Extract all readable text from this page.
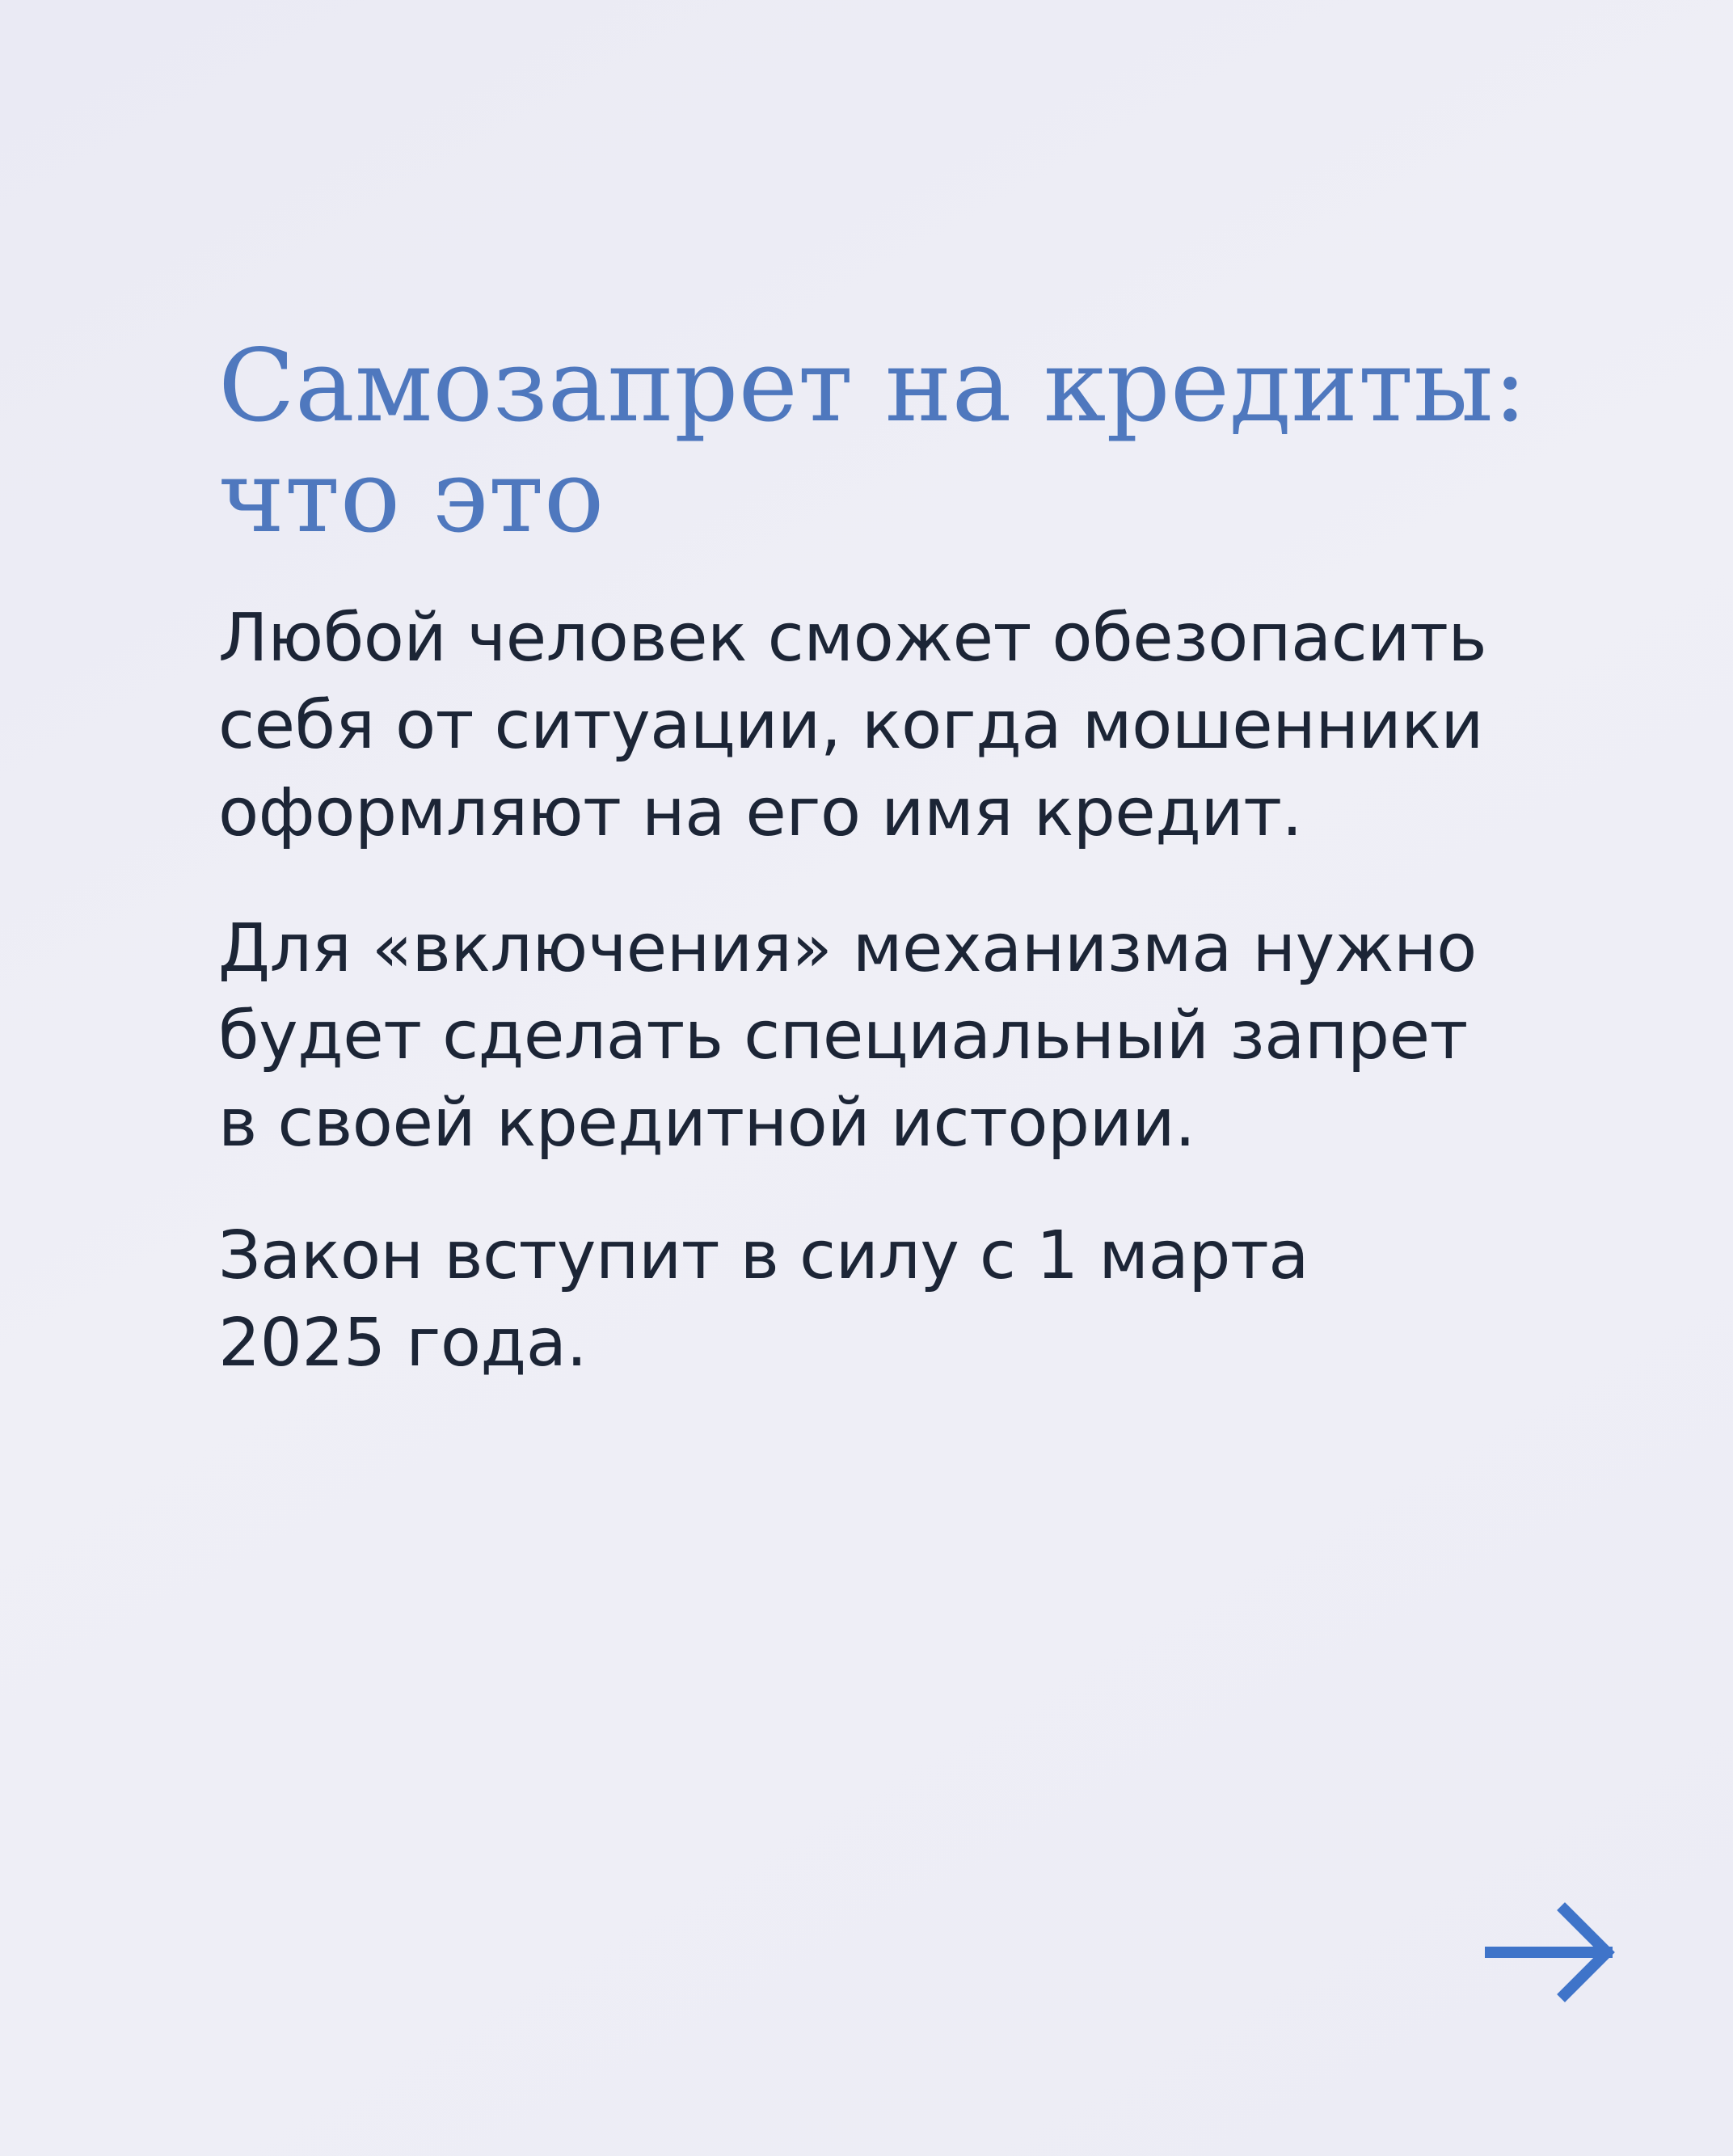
Самозапрет на кредиты:
что это

Любой человек сможет обезопасить
себя от ситуации, когда мошенники
оформляют на его имя кредит.

Для «включения» механизма нужно
будет сделать специальный запрет
в своей кредитной истории.

Закон вступит в силу с 1 марта
2025 года.
